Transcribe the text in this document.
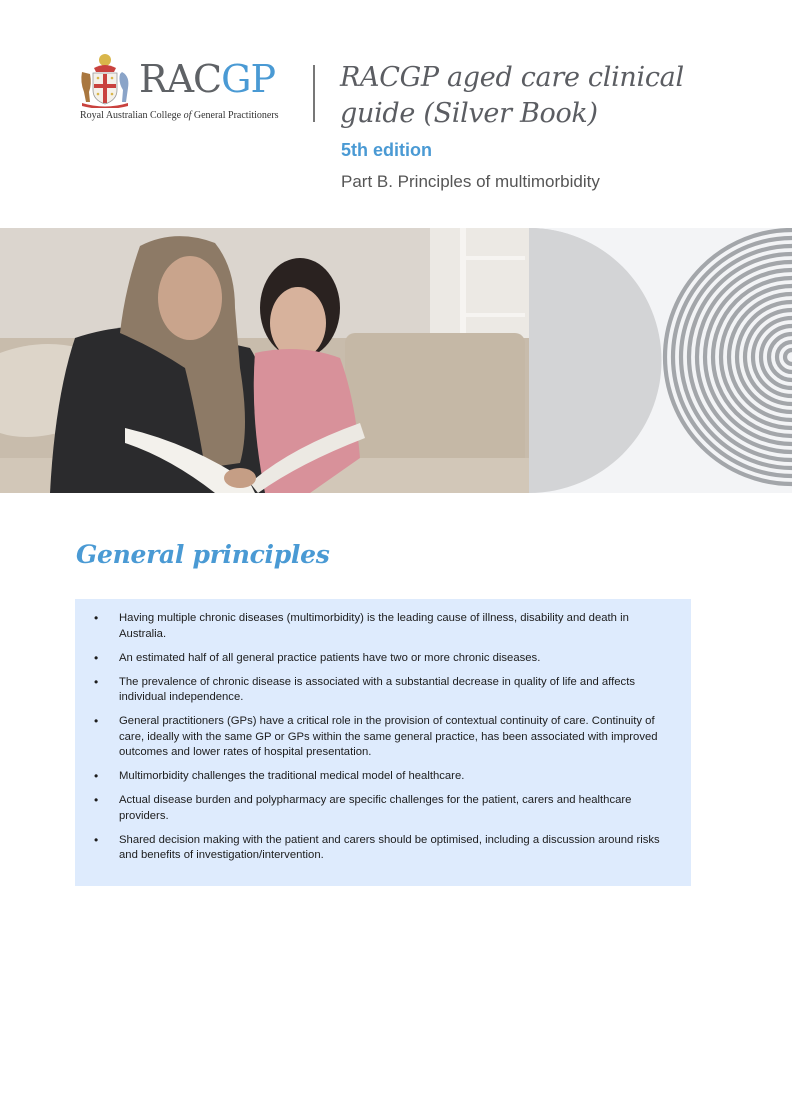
RACGP
Royal Australian College of General Practitioners
RACGP aged care clinical
guide (Silver Book)
5th edition
Part B. Principles of multimorbidity
General principles
• Having multiple chronic diseases (multimorbidity) is the leading cause of illness, disability and death in Australia.
• An estimated half of all general practice patients have two or more chronic diseases.
• The prevalence of chronic disease is associated with a substantial decrease in quality of life and affects individual independence.
• General practitioners (GPs) have a critical role in the provision of contextual continuity of care. Continuity of care, ideally with the same GP or GPs within the same general practice, has been associated with improved outcomes and lower rates of hospital presentation.
• Multimorbidity challenges the traditional medical model of healthcare.
• Actual disease burden and polypharmacy are specific challenges for the patient, carers and healthcare providers.
• Shared decision making with the patient and carers should be optimised, including a discussion around risks and benefits of investigation/intervention.
